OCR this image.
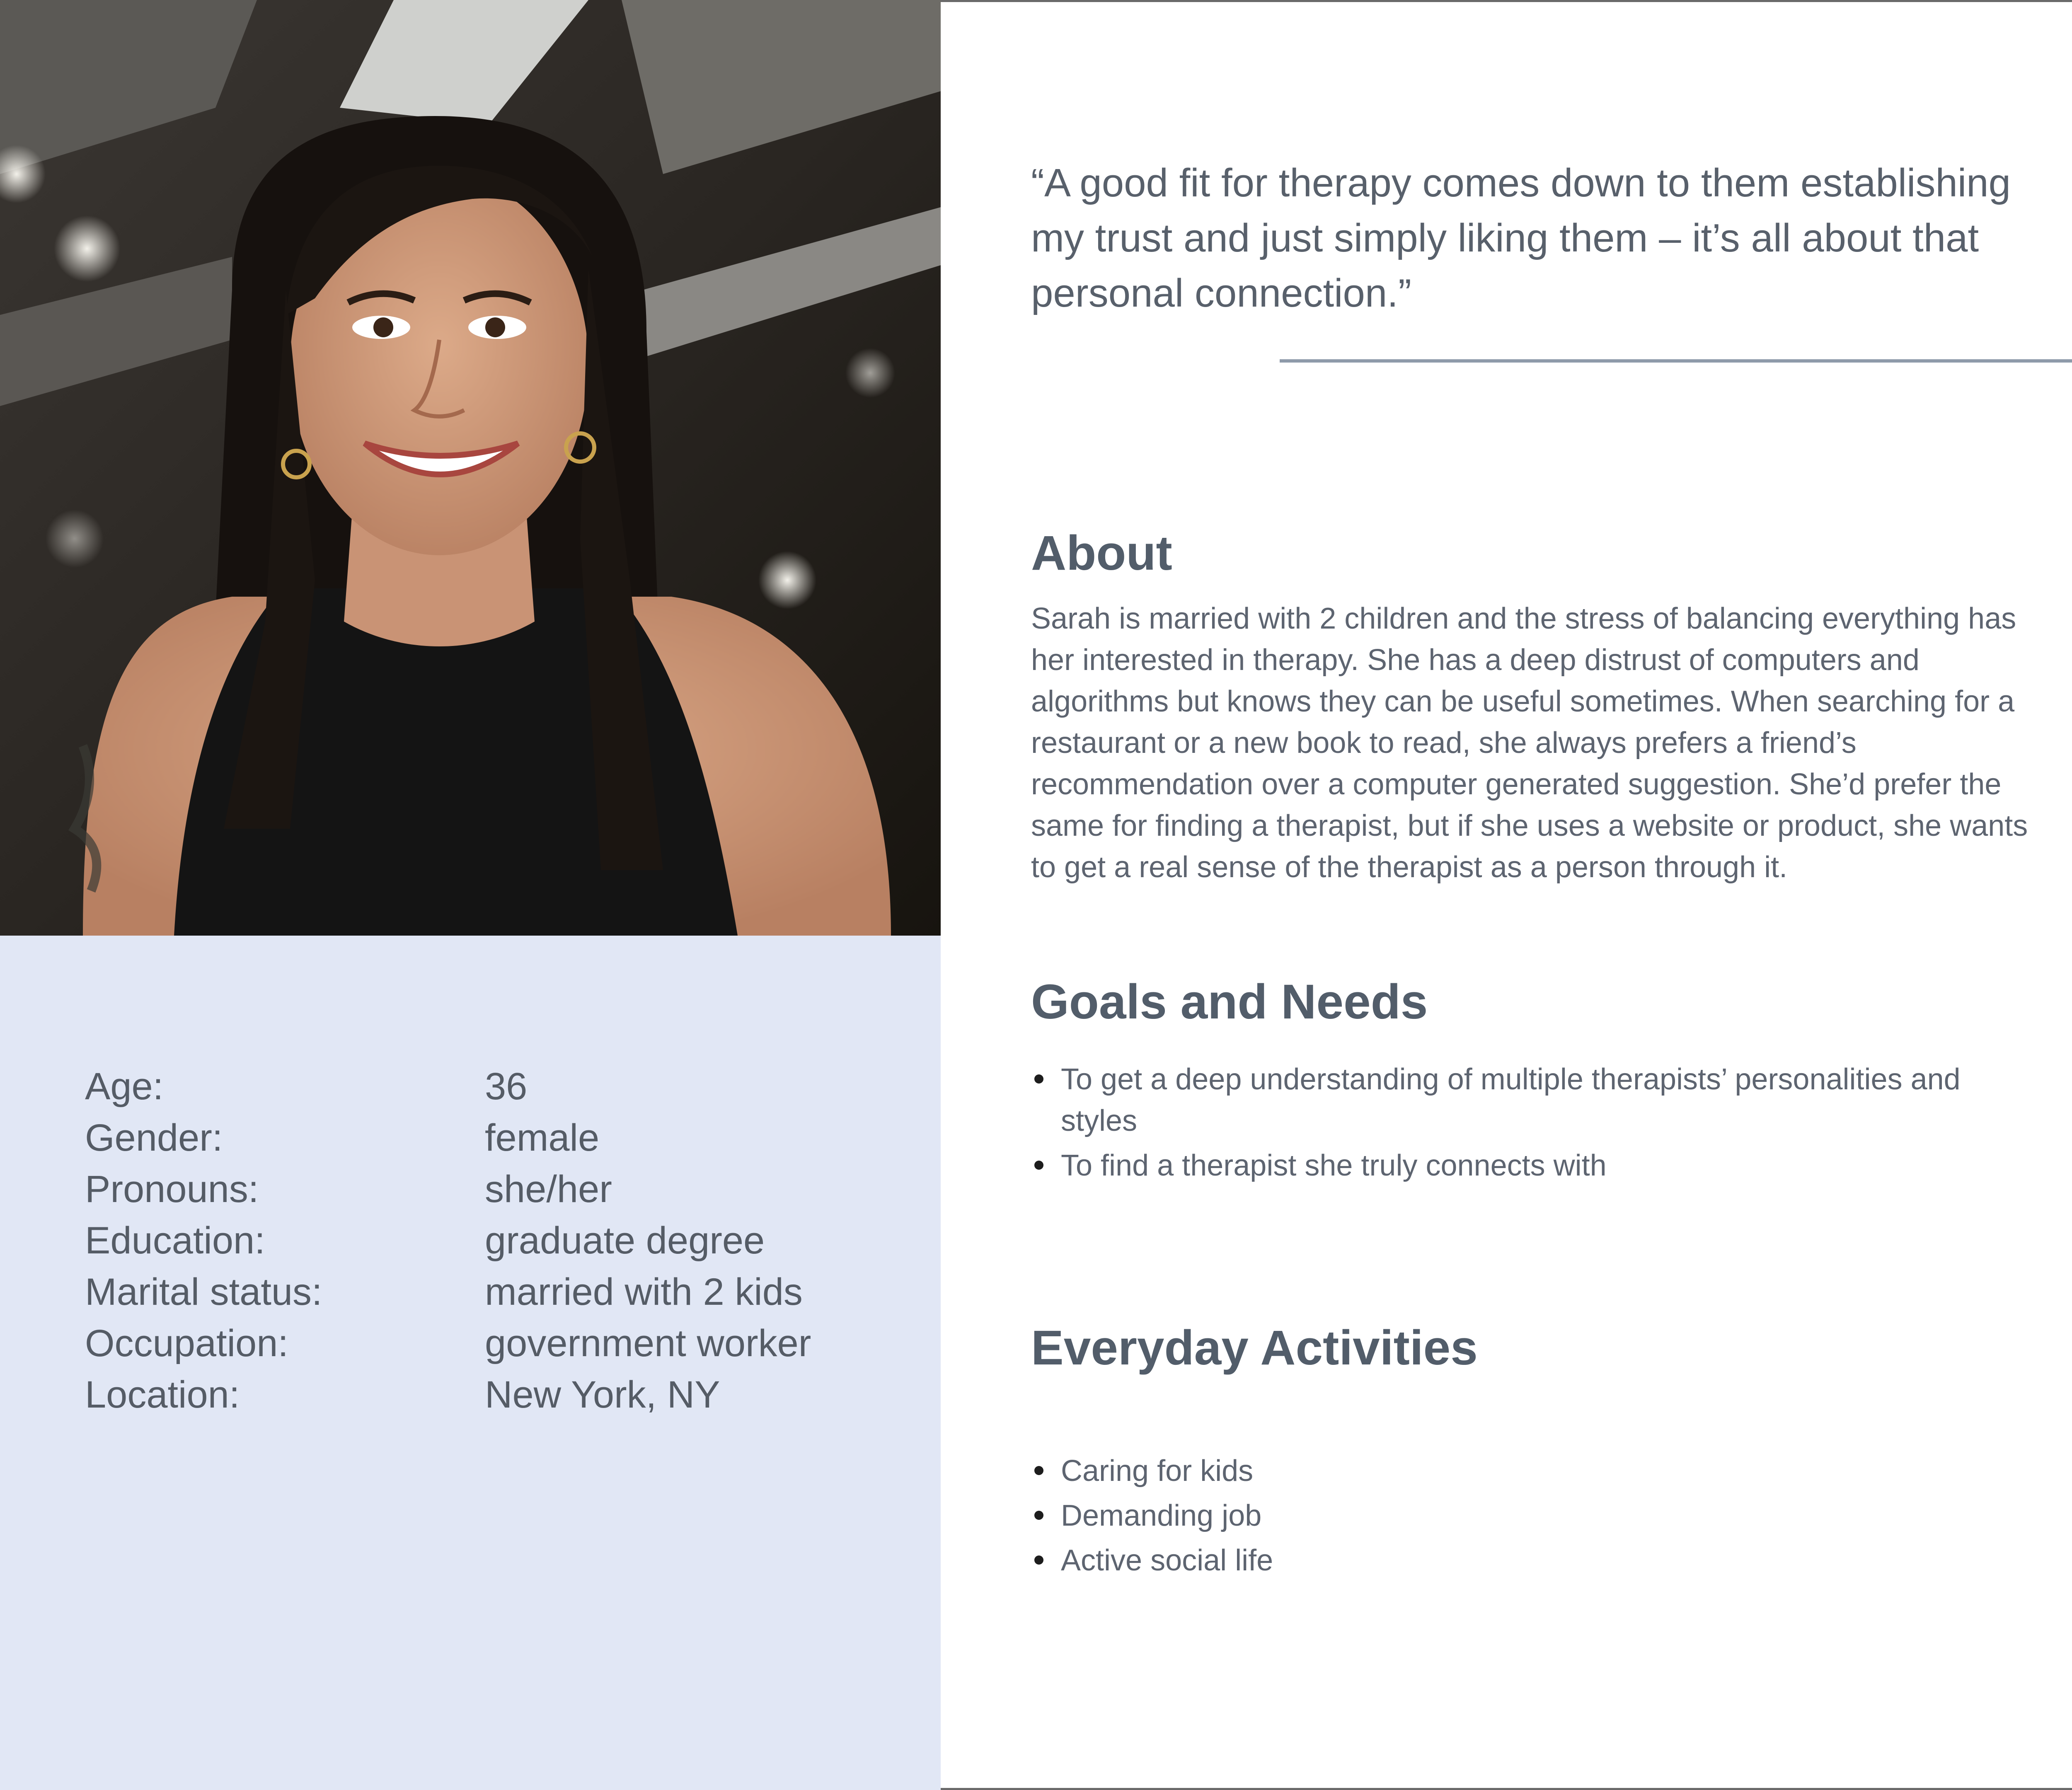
Age:	36
Gender:	female
Pronouns:	she/her
Education:	graduate degree
Marital status:	married with 2 kids
Occupation:	government worker
Location:	New York, NY
“A good fit for therapy comes down to them establishing my trust and just simply liking them – it’s all about that personal connection.”
About
Sarah is married with 2 children and the stress of balancing everything has her interested in therapy. She has a deep distrust of computers and algorithms but knows they can be useful sometimes. When searching for a restaurant or a new book to read, she always prefers a friend’s recommendation over a computer generated suggestion. She’d prefer the same for finding a therapist, but if she uses a website or product, she wants to get a real sense of the therapist as a person through it.
Goals and Needs
To get a deep understanding of multiple therapists’ personalities and styles
To find a therapist she truly connects with
Everyday Activities
Caring for kids
Demanding job
Active social life
